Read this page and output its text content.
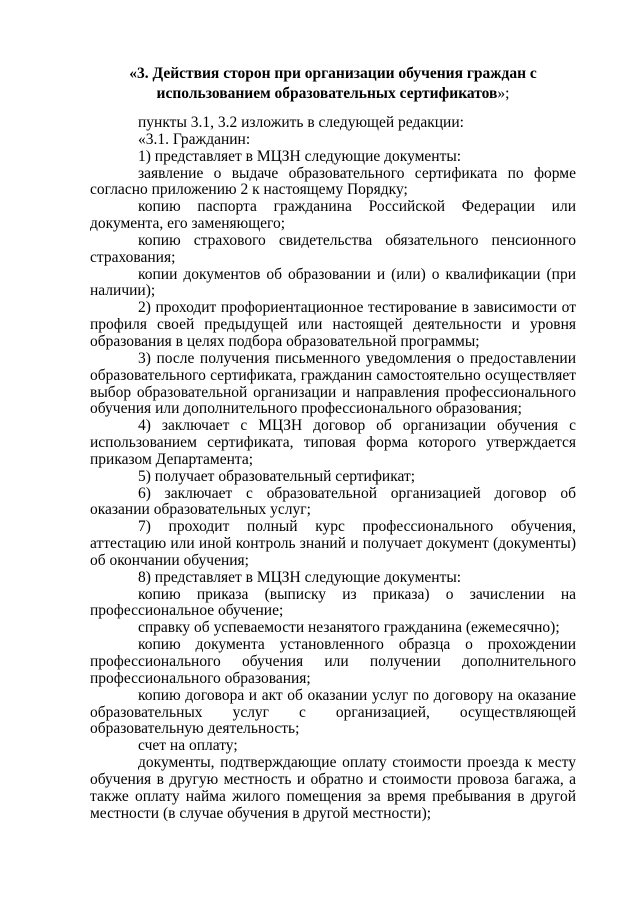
«3. Действия сторон при организации обучения граждан с использованием образовательных сертификатов»;

пункты 3.1, 3.2 изложить в следующей редакции:

«3.1. Гражданин:

1) представляет в МЦЗН следующие документы:

заявление о выдаче образовательного сертификата по форме согласно приложению 2 к настоящему Порядку;

копию паспорта гражданина Российской Федерации или документа, его заменяющего;

копию страхового свидетельства обязательного пенсионного страхования;

копии документов об образовании и (или) о квалификации (при наличии);

2) проходит профориентационное тестирование в зависимости от профиля своей предыдущей или настоящей деятельности и уровня образования в целях подбора образовательной программы;

3) после получения письменного уведомления о предоставлении образовательного сертификата, гражданин самостоятельно осуществляет выбор образовательной организации и направления профессионального обучения или дополнительного профессионального образования;

4) заключает с МЦЗН договор об организации обучения с использованием сертификата, типовая форма которого утверждается приказом Департамента;

5) получает образовательный сертификат;

6) заключает с образовательной организацией договор об оказании образовательных услуг;

7) проходит полный курс профессионального обучения, аттестацию или иной контроль знаний и получает документ (документы) об окончании обучения;

8) представляет в МЦЗН следующие документы:

копию приказа (выписку из приказа) о зачислении на профессиональное обучение;

справку об успеваемости незанятого гражданина (ежемесячно);

копию документа установленного образца о прохождении профессионального обучения или получении дополнительного профессионального образования;

копию договора и акт об оказании услуг по договору на оказание образовательных услуг с организацией, осуществляющей образовательную деятельность;

счет на оплату;

документы, подтверждающие оплату стоимости проезда к месту обучения в другую местность и обратно и стоимости провоза багажа, а также оплату найма жилого помещения за время пребывания в другой местности (в случае обучения в другой местности);
